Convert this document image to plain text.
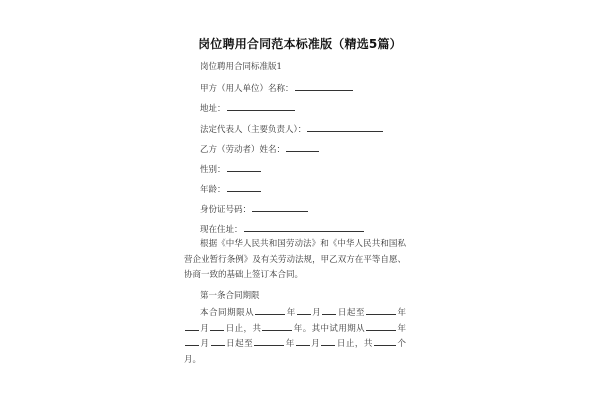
岗位聘用合同范本标准版（精选5篇）
岗位聘用合同标准版1
甲方（用人单位）名称：
地址：
法定代表人（主要负责人）：
乙方（劳动者）姓名：
性别：
年龄：
身份证号码：
现在住址：
根据《中华人民共和国劳动法》和《中华人民共和国私营企业暂行条例》及有关劳动法规，甲乙双方在平等自愿、协商一致的基础上签订本合同。
第一条合同期限
本合同期限从	年 月 日起至	年月 日止，共	年。其中试用期从	年月 日起至	年 月 日止，共	个月。
